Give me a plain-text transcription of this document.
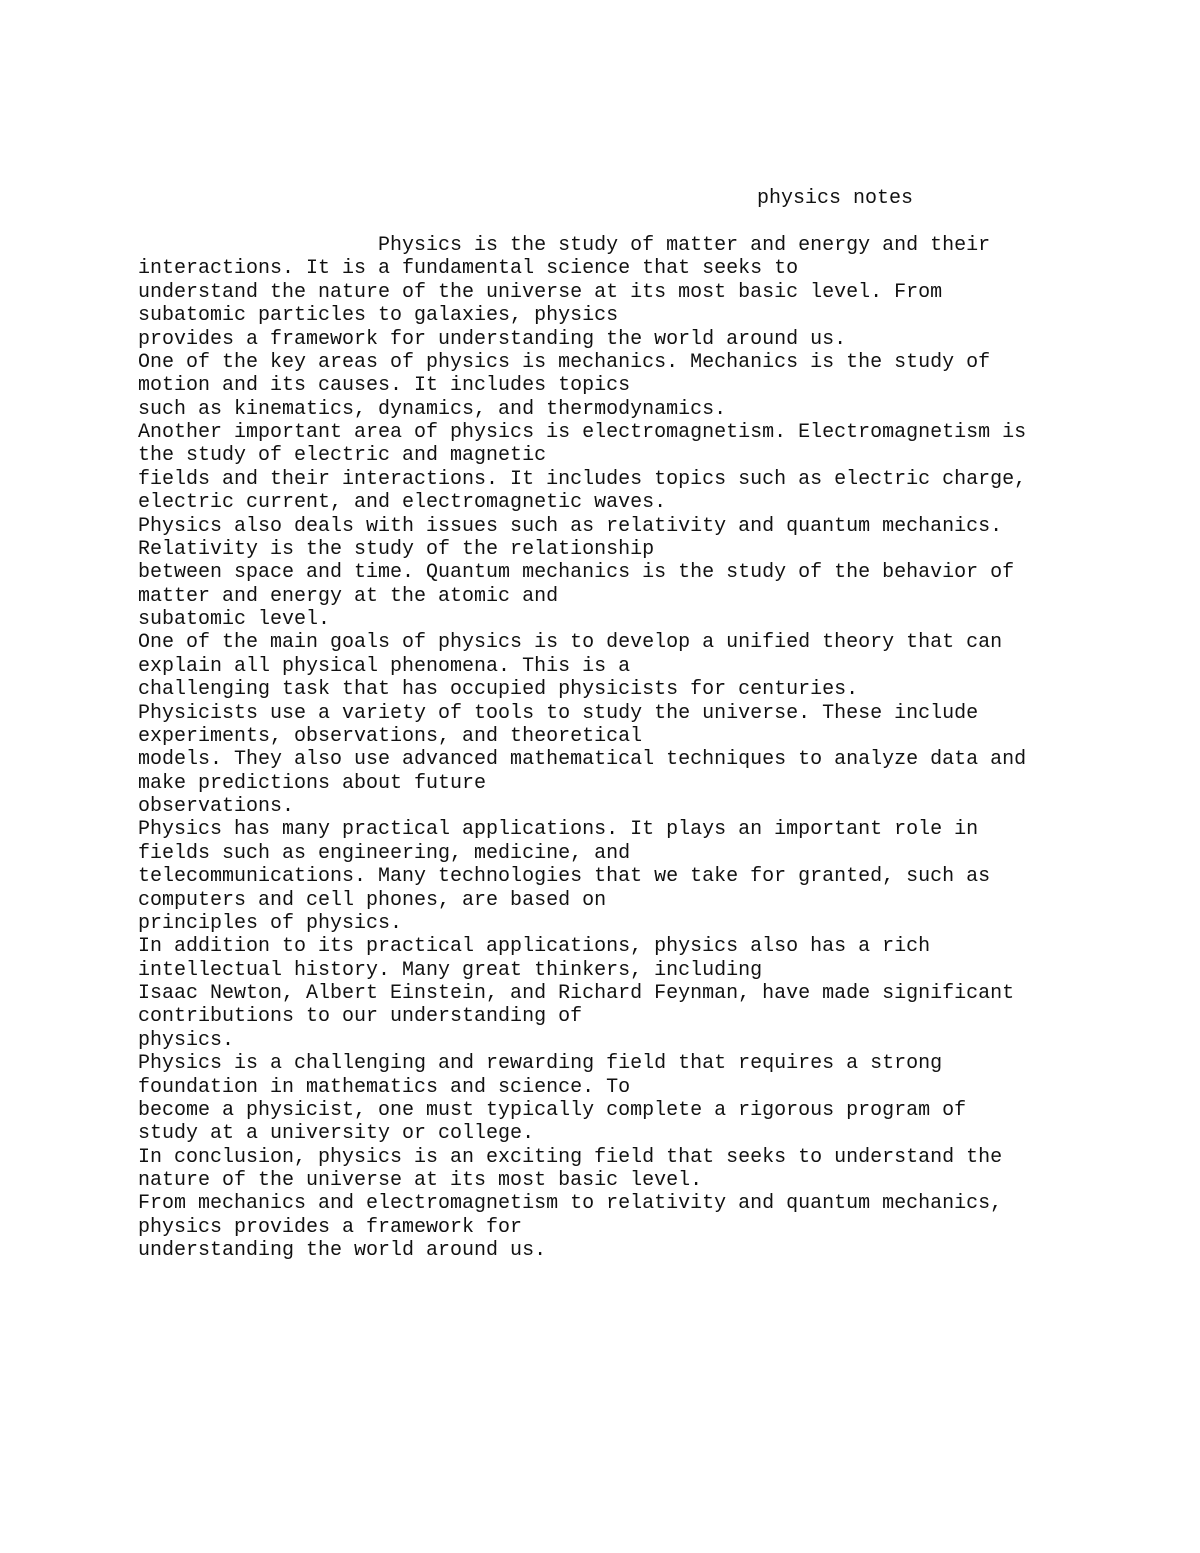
physics notes
Physics is the study of matter and energy and their
interactions. It is a fundamental science that seeks to
understand the nature of the universe at its most basic level. From
subatomic particles to galaxies, physics
provides a framework for understanding the world around us.
One of the key areas of physics is mechanics. Mechanics is the study of
motion and its causes. It includes topics
such as kinematics, dynamics, and thermodynamics.
Another important area of physics is electromagnetism. Electromagnetism is
the study of electric and magnetic
fields and their interactions. It includes topics such as electric charge,
electric current, and electromagnetic waves.
Physics also deals with issues such as relativity and quantum mechanics.
Relativity is the study of the relationship
between space and time. Quantum mechanics is the study of the behavior of
matter and energy at the atomic and
subatomic level.
One of the main goals of physics is to develop a unified theory that can
explain all physical phenomena. This is a
challenging task that has occupied physicists for centuries.
Physicists use a variety of tools to study the universe. These include
experiments, observations, and theoretical
models. They also use advanced mathematical techniques to analyze data and
make predictions about future
observations.
Physics has many practical applications. It plays an important role in
fields such as engineering, medicine, and
telecommunications. Many technologies that we take for granted, such as
computers and cell phones, are based on
principles of physics.
In addition to its practical applications, physics also has a rich
intellectual history. Many great thinkers, including
Isaac Newton, Albert Einstein, and Richard Feynman, have made significant
contributions to our understanding of
physics.
Physics is a challenging and rewarding field that requires a strong
foundation in mathematics and science. To
become a physicist, one must typically complete a rigorous program of
study at a university or college.
In conclusion, physics is an exciting field that seeks to understand the
nature of the universe at its most basic level.
From mechanics and electromagnetism to relativity and quantum mechanics,
physics provides a framework for
understanding the world around us.
